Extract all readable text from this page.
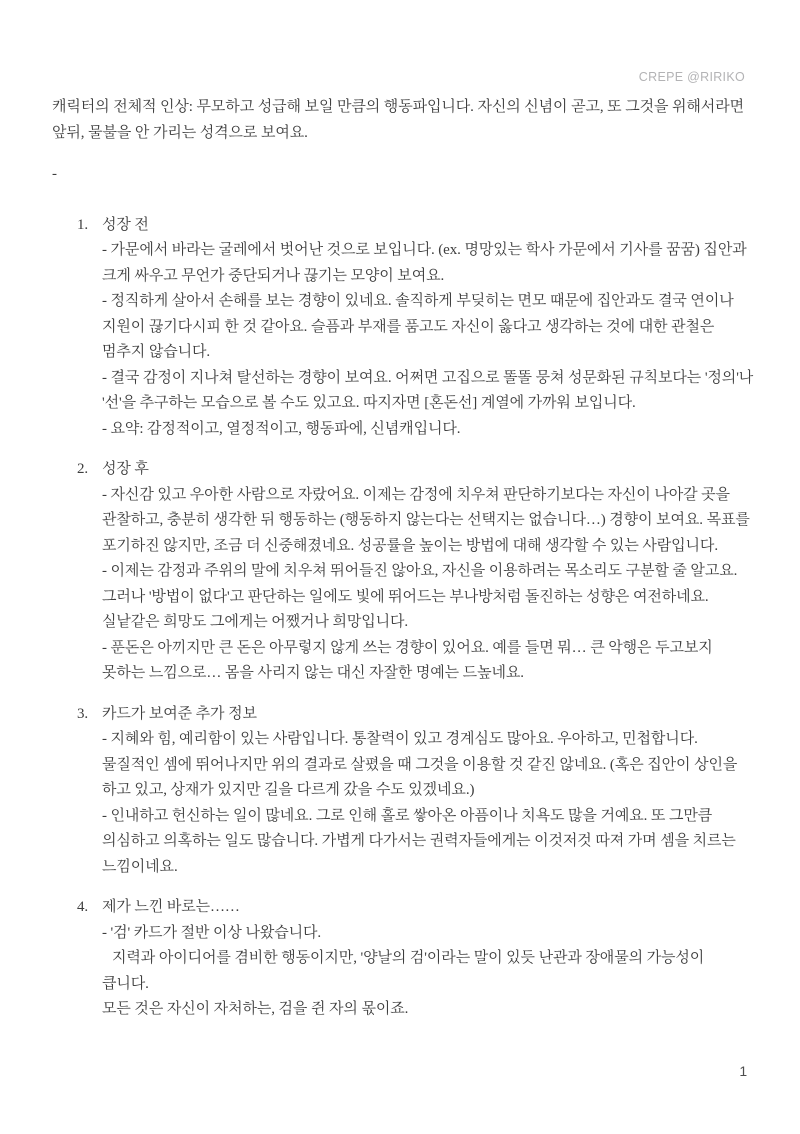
CREPE @RIRIKO

캐릭터의 전체적 인상: 무모하고 성급해 보일 만큼의 행동파입니다. 자신의 신념이 곧고, 또 그것을 위해서라면 앞뒤, 물불을 안 가리는 성격으로 보여요.

-

1. 성장 전

- 가문에서 바라는 굴레에서 벗어난 것으로 보입니다. (ex. 명망있는 학사 가문에서 기사를 꿈꿈) 집안과 크게 싸우고 무언가 중단되거나 끊기는 모양이 보여요.

- 정직하게 살아서 손해를 보는 경향이 있네요. 솔직하게 부딪히는 면모 때문에 집안과도 결국 연이나 지원이 끊기다시피 한 것 같아요. 슬픔과 부재를 품고도 자신이 옳다고 생각하는 것에 대한 관철은 멈추지 않습니다.

- 결국 감정이 지나쳐 탈선하는 경향이 보여요. 어쩌면 고집으로 똘똘 뭉쳐 성문화된 규칙보다는 '정의'나 '선'을 추구하는 모습으로 볼 수도 있고요. 따지자면 [혼돈선] 계열에 가까워 보입니다.

- 요약: 감정적이고, 열정적이고, 행동파에, 신념캐입니다.

2. 성장 후

- 자신감 있고 우아한 사람으로 자랐어요. 이제는 감정에 치우쳐 판단하기보다는 자신이 나아갈 곳을 관찰하고, 충분히 생각한 뒤 행동하는 (행동하지 않는다는 선택지는 없습니다…) 경향이 보여요. 목표를 포기하진 않지만, 조금 더 신중해졌네요. 성공률을 높이는 방법에 대해 생각할 수 있는 사람입니다.

- 이제는 감정과 주위의 말에 치우쳐 뛰어들진 않아요, 자신을 이용하려는 목소리도 구분할 줄 알고요. 그러나 '방법이 없다'고 판단하는 일에도 빛에 뛰어드는 부나방처럼 돌진하는 성향은 여전하네요. 실낱같은 희망도 그에게는 어쨌거나 희망입니다.

- 푼돈은 아끼지만 큰 돈은 아무렇지 않게 쓰는 경향이 있어요. 예를 들면 뭐… 큰 악행은 두고보지 못하는 느낌으로… 몸을 사리지 않는 대신 자잘한 명예는 드높네요.

3. 카드가 보여준 추가 정보

- 지혜와 힘, 예리함이 있는 사람입니다. 통찰력이 있고 경계심도 많아요. 우아하고, 민첩합니다. 물질적인 셈에 뛰어나지만 위의 결과로 살폈을 때 그것을 이용할 것 같진 않네요. (혹은 집안이 상인을 하고 있고, 상재가 있지만 길을 다르게 갔을 수도 있겠네요.)

- 인내하고 헌신하는 일이 많네요. 그로 인해 홀로 쌓아온 아픔이나 치욕도 많을 거예요. 또 그만큼 의심하고 의혹하는 일도 많습니다. 가볍게 다가서는 권력자들에게는 이것저것 따져 가며 셈을 치르는 느낌이네요.

4. 제가 느낀 바로는……

- '검' 카드가 절반 이상 나왔습니다.

지력과 아이디어를 겸비한 행동이지만, '양날의 검'이라는 말이 있듯 난관과 장애물의 가능성이 큽니다.

모든 것은 자신이 자처하는, 검을 쥔 자의 몫이죠.

1
